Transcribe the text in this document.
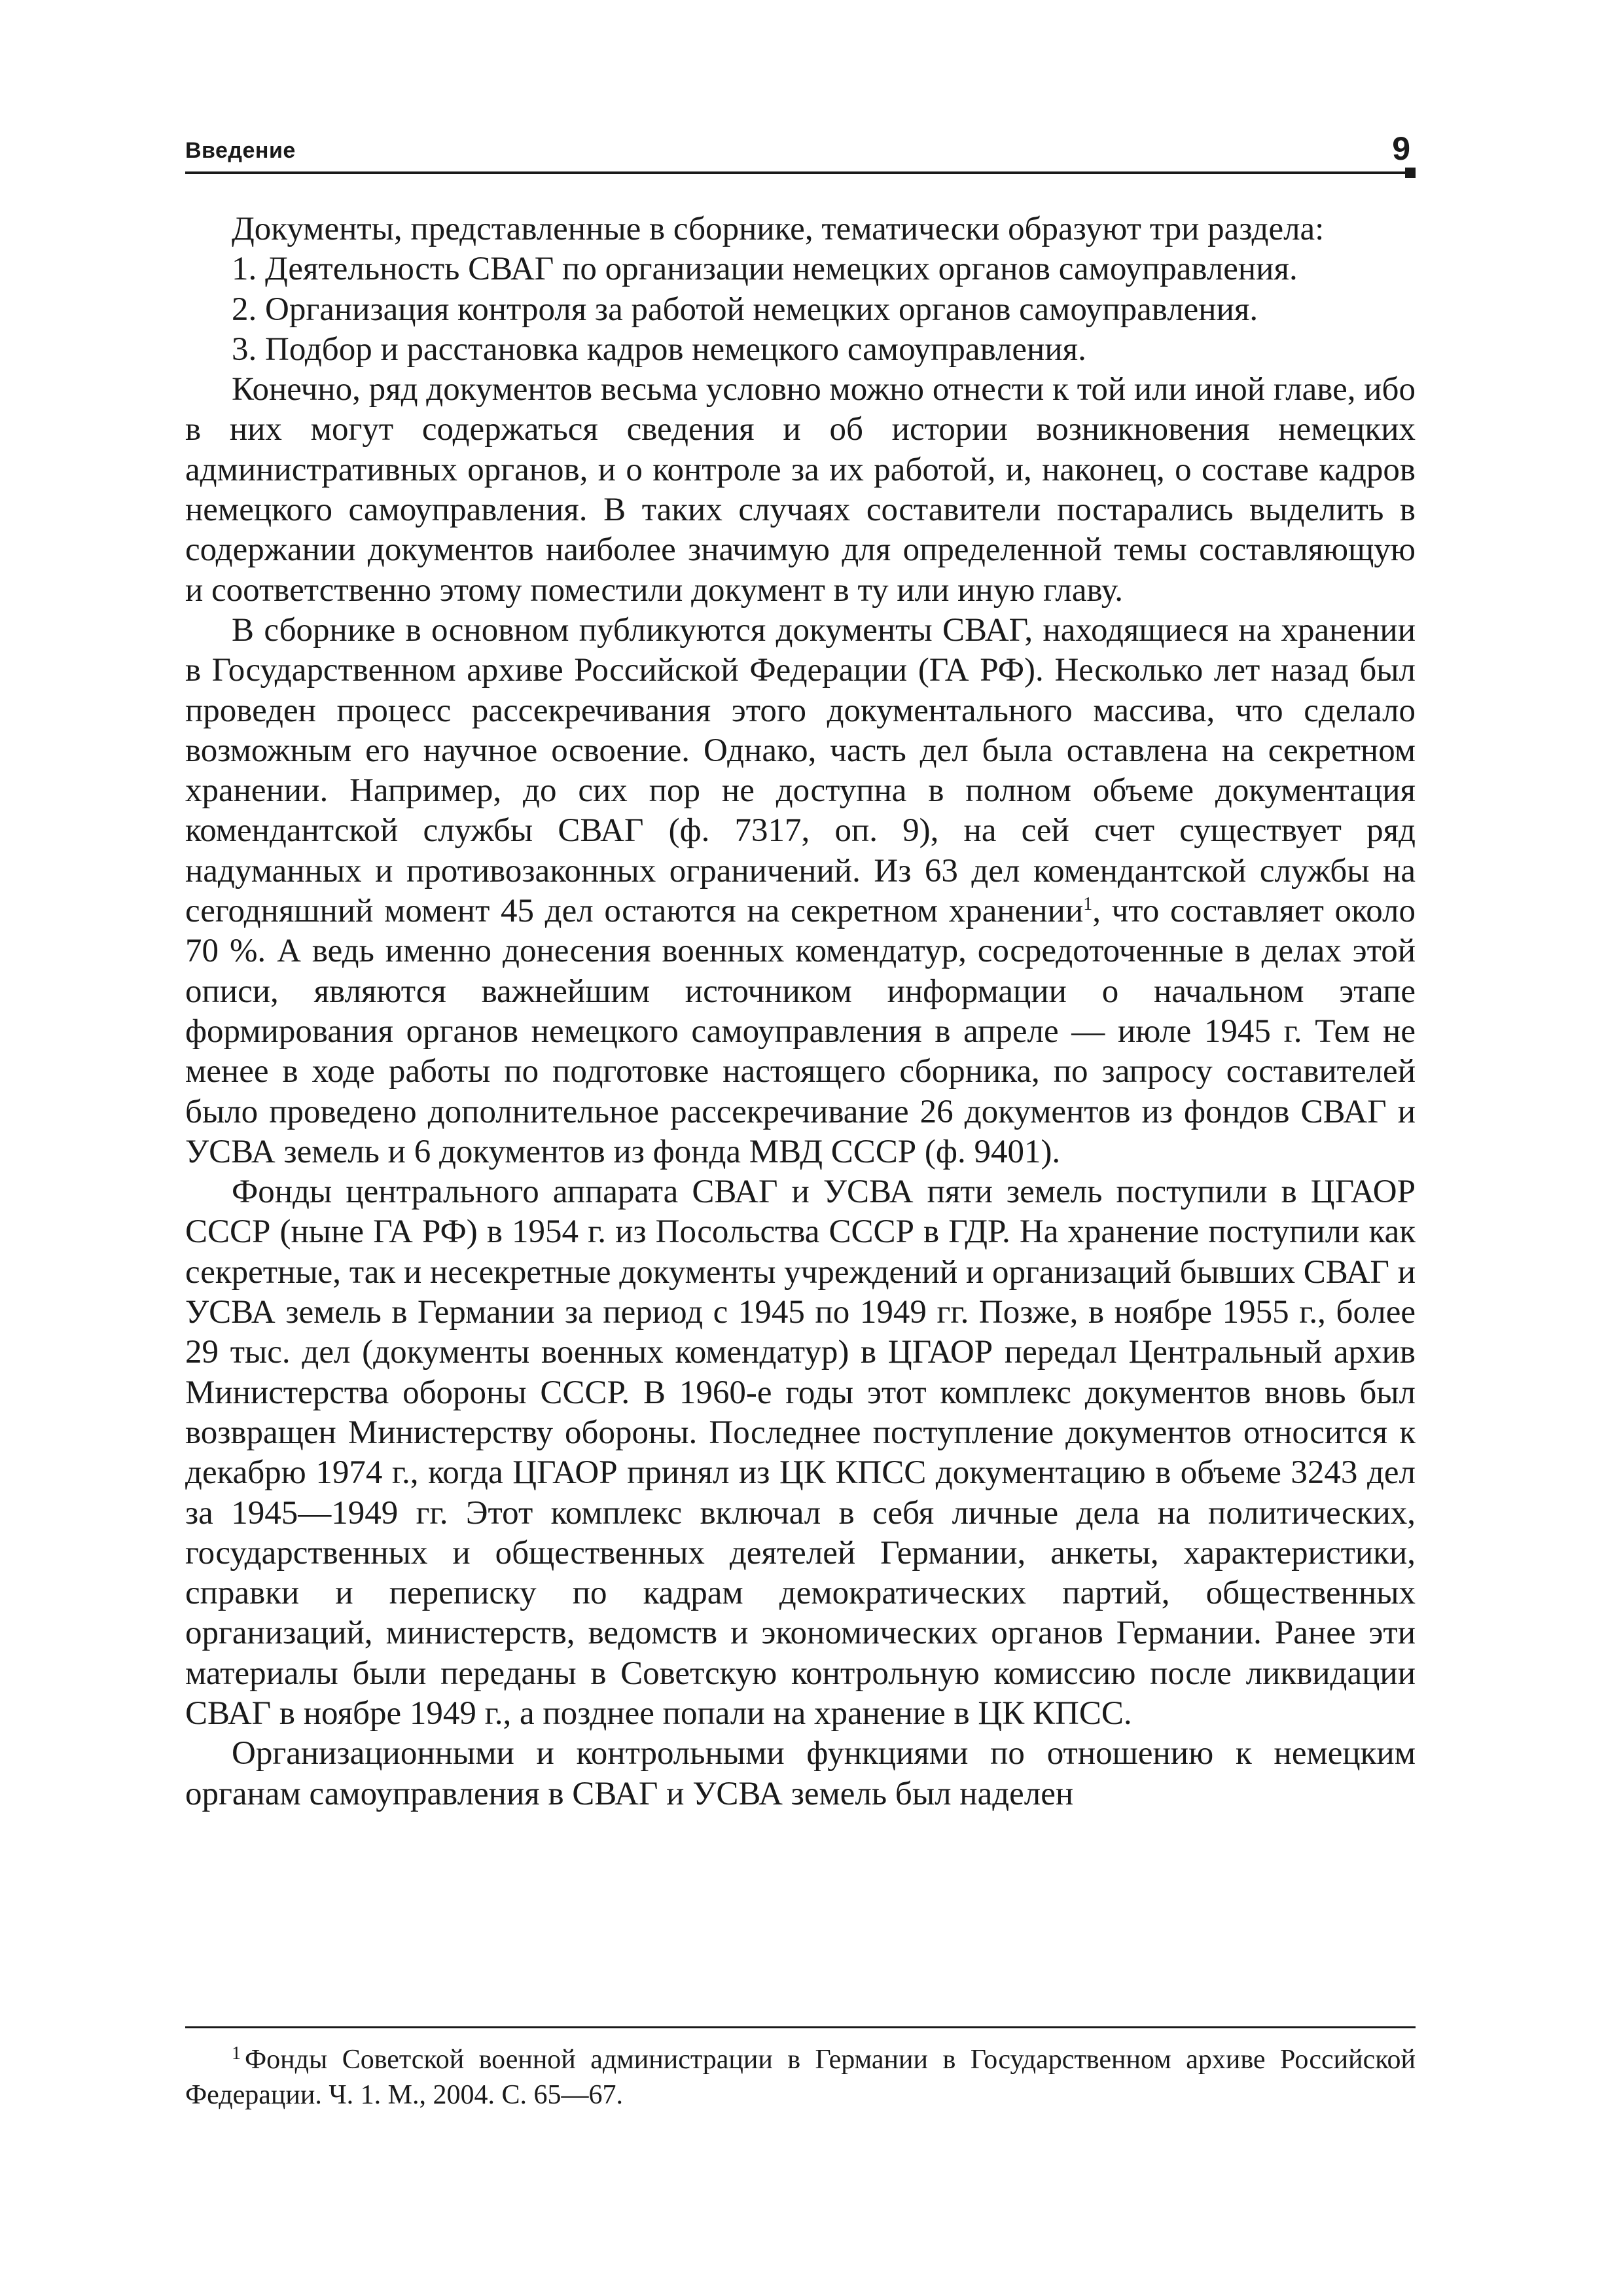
Введение	9

Документы, представленные в сборнике, тематически образуют три раздела:

1. Деятельность СВАГ по организации немецких органов самоуправления.

2. Организация контроля за работой немецких органов самоуправления.

3. Подбор и расстановка кадров немецкого самоуправления.

Конечно, ряд документов весьма условно можно отнести к той или иной главе, ибо в них могут содержаться сведения и об истории возникновения немецких административных органов, и о контроле за их работой, и, наконец, о составе кадров немецкого самоуправления. В таких случаях составители постарались выделить в содержании документов наиболее значимую для определенной темы составляющую и соответственно этому поместили документ в ту или иную главу.

В сборнике в основном публикуются документы СВАГ, находящиеся на хранении в Государственном архиве Российской Федерации (ГА РФ). Несколько лет назад был проведен процесс рассекречивания этого документального массива, что сделало возможным его научное освоение. Однако, часть дел была оставлена на секретном хранении. Например, до сих пор не доступна в полном объеме документация комендантской службы СВАГ (ф. 7317, оп. 9), на сей счет существует ряд надуманных и противозаконных ограничений. Из 63 дел комендантской службы на сегодняшний момент 45 дел остаются на секретном хранении$^1$, что составляет около 70 %. А ведь именно донесения военных комендатур, сосредоточенные в делах этой описи, являются важнейшим источником информации о начальном этапе формирования органов немецкого самоуправления в апреле — июле 1945 г. Тем не менее в ходе работы по подготовке настоящего сборника, по запросу составителей было проведено дополнительное рассекречивание 26 документов из фондов СВАГ и УСВА земель и 6 документов из фонда МВД СССР (ф. 9401).

Фонды центрального аппарата СВАГ и УСВА пяти земель поступили в ЦГАОР СССР (ныне ГА РФ) в 1954 г. из Посольства СССР в ГДР. На хранение поступили как секретные, так и несекретные документы учреждений и организаций бывших СВАГ и УСВА земель в Германии за период с 1945 по 1949 гг. Позже, в ноябре 1955 г., более 29 тыс. дел (документы военных комендатур) в ЦГАОР передал Центральный архив Министерства обороны СССР. В 1960-е годы этот комплекс документов вновь был возвращен Министерству обороны. Последнее поступление документов относится к декабрю 1974 г., когда ЦГАОР принял из ЦК КПСС документацию в объеме 3243 дел за 1945—1949 гг. Этот комплекс включал в себя личные дела на политических, государственных и общественных деятелей Германии, анкеты, характеристики, справки и переписку по кадрам демократических партий, общественных организаций, министерств, ведомств и экономических органов Германии. Ранее эти материалы были переданы в Советскую контрольную комиссию после ликвидации СВАГ в ноябре 1949 г., а позднее попали на хранение в ЦК КПСС.

Организационными и контрольными функциями по отношению к немецким органам самоуправления в СВАГ и УСВА земель был наделен

$^1$ Фонды Советской военной администрации в Германии в Государственном архиве Российской Федерации. Ч. 1. М., 2004. С. 65—67.
